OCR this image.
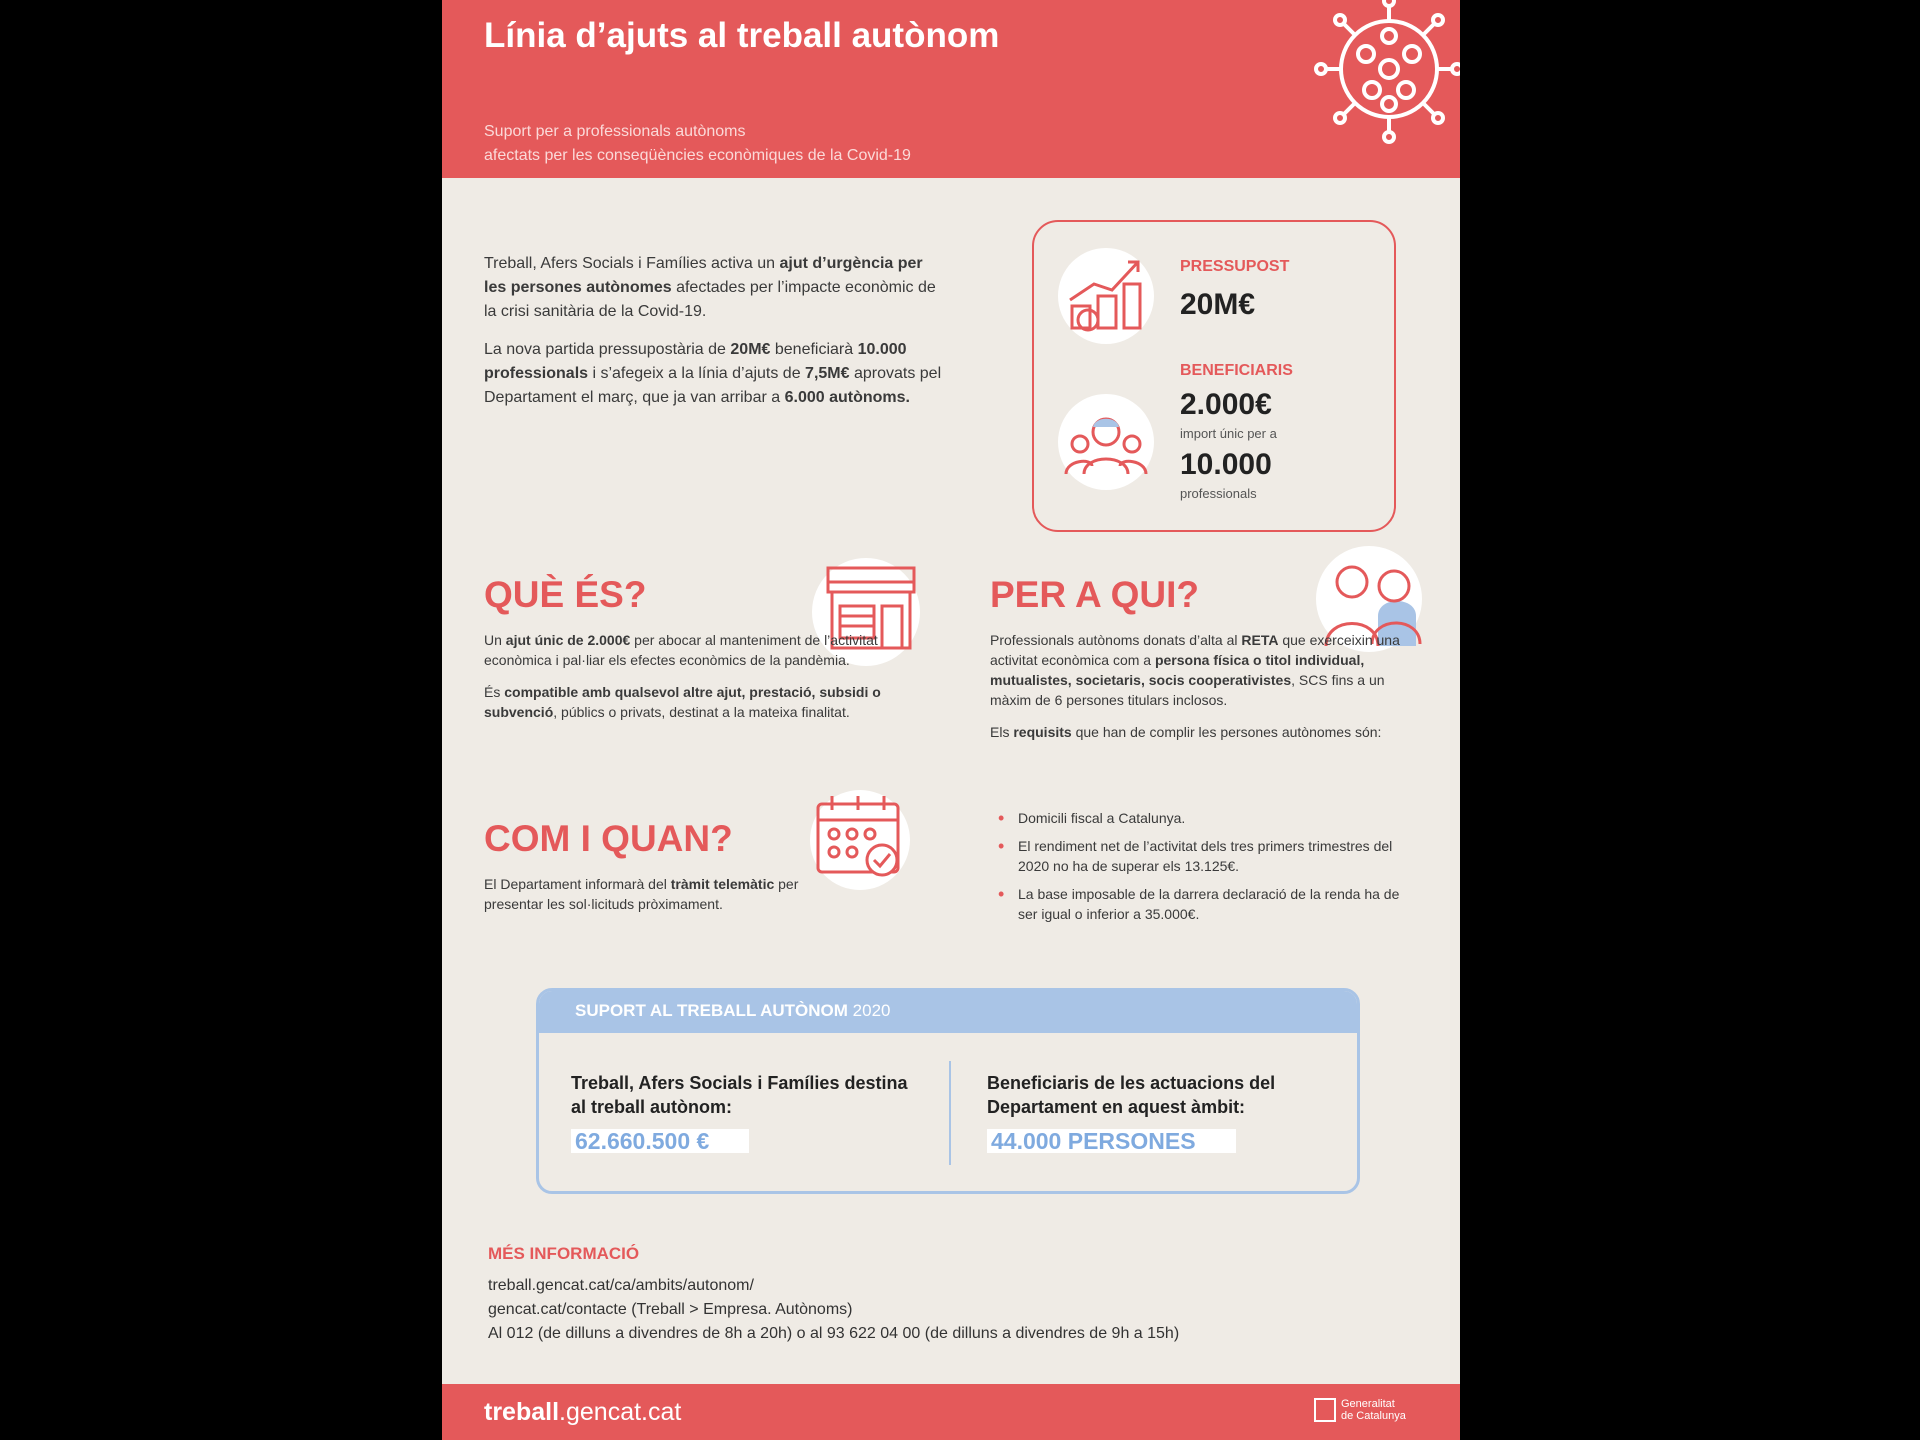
Línia d’ajuts al treball autònom
Suport per a professionals autònoms
afectats per les conseqüències econòmiques de la Covid-19

Treball, Afers Socials i Famílies activa un ajut d’urgència per les persones autònomes afectades per l’impacte econòmic de la crisi sanitària de la Covid-19.

La nova partida pressupostària de 20M€ beneficiarà 10.000 professionals i s’afegeix a la línia d’ajuts de 7,5M€ aprovats pel Departament el març, que ja van arribar a 6.000 autònoms.

PRESSUPOST
20M€
BENEFICIARIS
2.000€
import únic per a
10.000
professionals
QUÈ ÉS?

Un ajut únic de 2.000€ per abocar al manteniment de l’activitat econòmica i pal·liar els efectes econòmics de la pandèmia.

És compatible amb qualsevol altre ajut, prestació, subsidi o subvenció, públics o privats, destinat a la mateixa finalitat.

PER A QUI?

Professionals autònoms donats d’alta al RETA que exerceixin una activitat econòmica com a persona física o titol individual, mutualistes, societaris, socis cooperativistes, SCS fins a un màxim de 6 persones titulars inclosos.

Els requisits que han de complir les persones autònomes són:

• Domicili fiscal a Catalunya.
• El rendiment net de l’activitat dels tres primers trimestres del 2020 no ha de superar els 13.125€.
• La base imposable de la darrera declaració de la renda ha de ser igual o inferior a 35.000€.
COM I QUAN?

El Departament informarà del tràmit telemàtic per presentar les sol·licituds pròximament.

SUPORT AL TREBALL AUTÒNOM 2020
Treball, Afers Socials i Famílies destina al treball autònom:
62.660.500 €
Beneficiaris de les actuacions del Departament en aquest àmbit:
44.000 PERSONES
MÉS INFORMACIÓ
treball.gencat.cat/ca/ambits/autonom/
gencat.cat/contacte (Treball > Empresa. Autònoms)
Al 012 (de dilluns a divendres de 8h a 20h) o al 93 622 04 00 (de dilluns a divendres de 9h a 15h)
treball.gencat.cat	Generalitat
de Catalunya
